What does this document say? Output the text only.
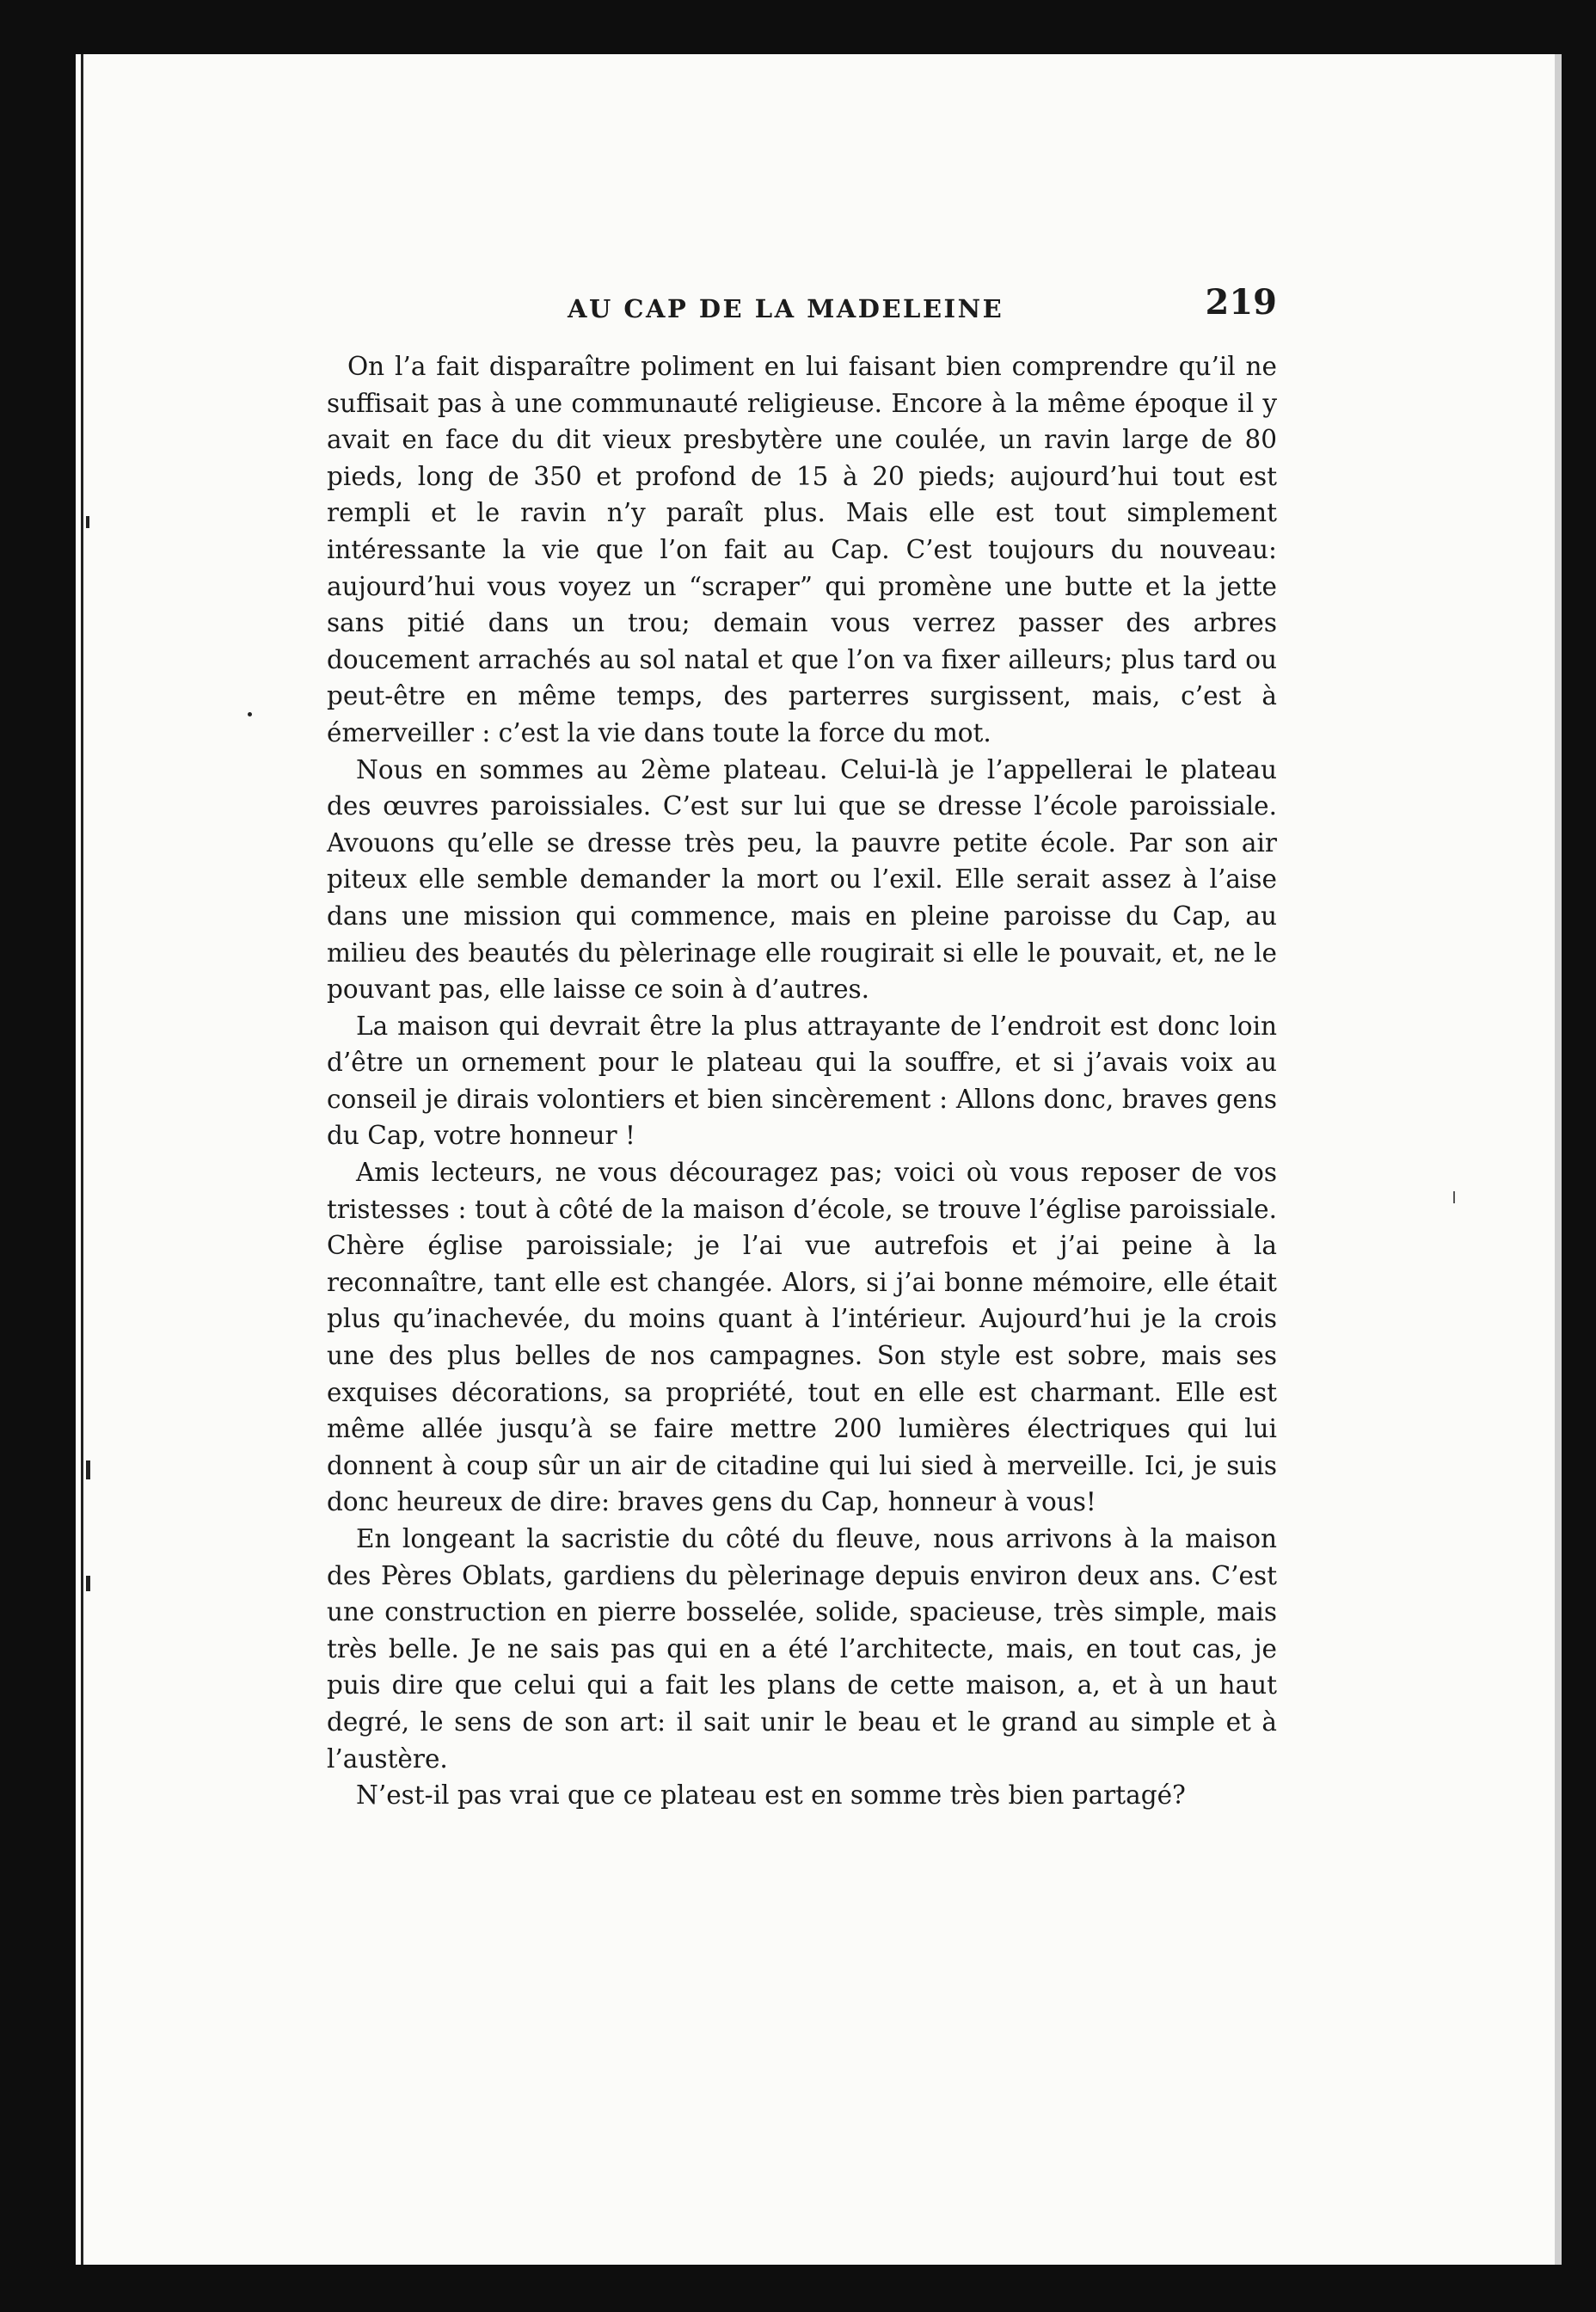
AU CAP DE LA MADELEINE	219

On l’a fait disparaître poliment en lui faisant bien comprendre qu’il ne suffisait pas à une communauté religieuse. Encore à la même époque il y avait en face du dit vieux presbytère une coulée, un ravin large de 80 pieds, long de 350 et profond de 15 à 20 pieds; aujourd’hui tout est rempli et le ravin n’y paraît plus. Mais elle est tout simplement intéressante la vie que l’on fait au Cap. C’est toujours du nouveau: aujourd’hui vous voyez un “scraper” qui promène une butte et la jette sans pitié dans un trou; demain vous verrez passer des arbres doucement arrachés au sol natal et que l’on va fixer ailleurs; plus tard ou peut-être en même temps, des parterres surgissent, mais, c’est à émerveiller : c’est la vie dans toute la force du mot.

Nous en sommes au 2ème plateau. Celui-là je l’appellerai le plateau des œuvres paroissiales. C’est sur lui que se dresse l’école paroissiale. Avouons qu’elle se dresse très peu, la pauvre petite école. Par son air piteux elle semble demander la mort ou l’exil. Elle serait assez à l’aise dans une mission qui commence, mais en pleine paroisse du Cap, au milieu des beautés du pèlerinage elle rougirait si elle le pouvait, et, ne le pouvant pas, elle laisse ce soin à d’autres.

La maison qui devrait être la plus attrayante de l’endroit est donc loin d’être un ornement pour le plateau qui la souffre, et si j’avais voix au conseil je dirais volontiers et bien sincèrement : Allons donc, braves gens du Cap, votre honneur !

Amis lecteurs, ne vous découragez pas; voici où vous reposer de vos tristesses : tout à côté de la maison d’école, se trouve l’église paroissiale. Chère église paroissiale; je l’ai vue autrefois et j’ai peine à la reconnaître, tant elle est changée. Alors, si j’ai bonne mémoire, elle était plus qu’inachevée, du moins quant à l’intérieur. Aujourd’hui je la crois une des plus belles de nos campagnes. Son style est sobre, mais ses exquises décorations, sa propriété, tout en elle est charmant. Elle est même allée jusqu’à se faire mettre 200 lumières électriques qui lui donnent à coup sûr un air de citadine qui lui sied à merveille. Ici, je suis donc heureux de dire: braves gens du Cap, honneur à vous!

En longeant la sacristie du côté du fleuve, nous arrivons à la maison des Pères Oblats, gardiens du pèlerinage depuis environ deux ans. C’est une construction en pierre bosselée, solide, spacieuse, très simple, mais très belle. Je ne sais pas qui en a été l’architecte, mais, en tout cas, je puis dire que celui qui a fait les plans de cette maison, a, et à un haut degré, le sens de son art: il sait unir le beau et le grand au simple et à l’austère.

N’est-il pas vrai que ce plateau est en somme très bien partagé?
